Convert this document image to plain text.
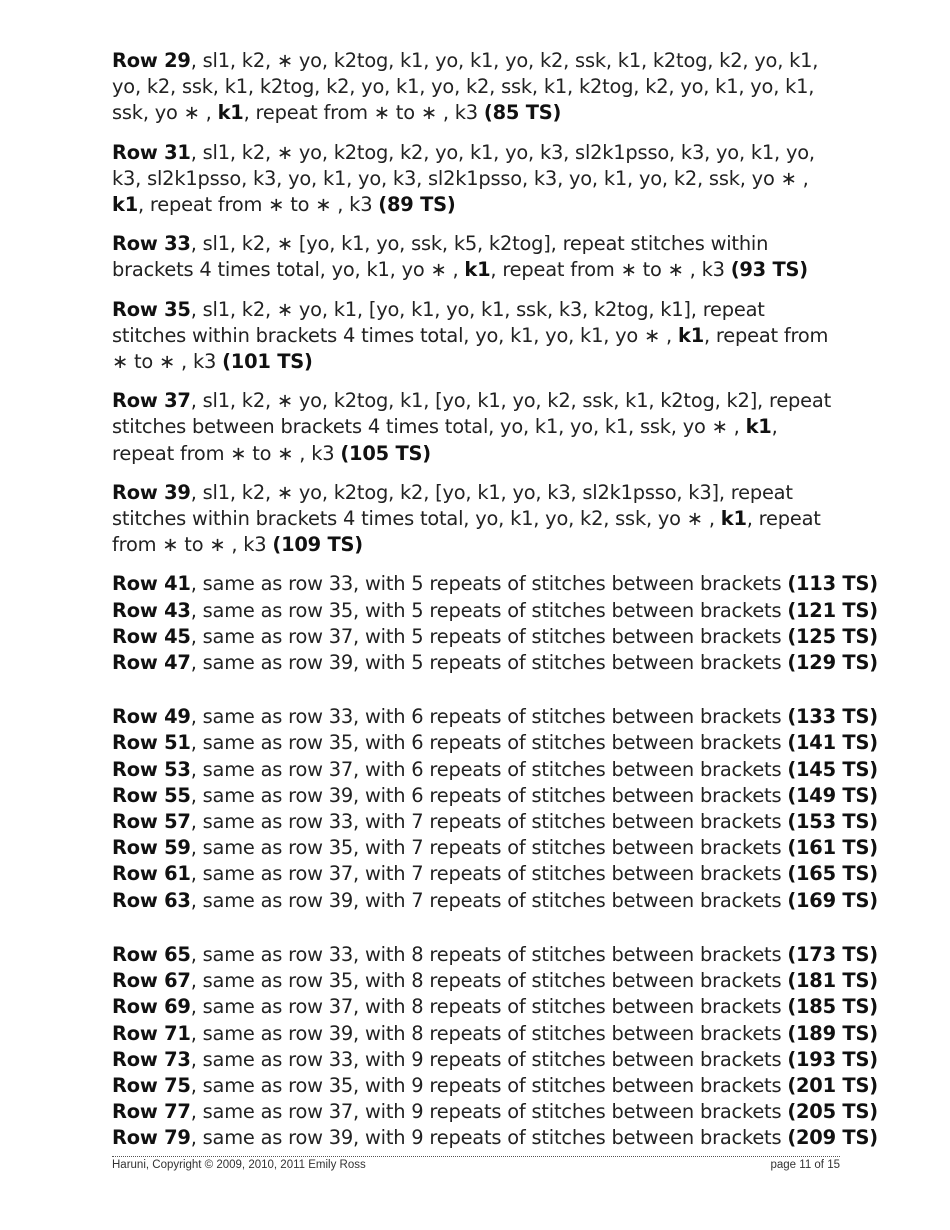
Row 29, sl1, k2, ∗ yo, k2tog, k1, yo, k1, yo, k2, ssk, k1, k2tog, k2, yo, k1, yo, k2, ssk, k1, k2tog, k2, yo, k1, yo, k2, ssk, k1, k2tog, k2, yo, k1, yo, k1, ssk, yo ∗ , k1, repeat from ∗ to ∗ , k3 (85 TS)

Row 31, sl1, k2, ∗ yo, k2tog, k2, yo, k1, yo, k3, sl2k1psso, k3, yo, k1, yo, k3, sl2k1psso, k3, yo, k1, yo, k3, sl2k1psso, k3, yo, k1, yo, k2, ssk, yo ∗ , k1, repeat from ∗ to ∗ , k3 (89 TS)

Row 33, sl1, k2, ∗ [yo, k1, yo, ssk, k5, k2tog], repeat stitches within brackets 4 times total, yo, k1, yo ∗ , k1, repeat from ∗ to ∗ , k3 (93 TS)

Row 35, sl1, k2, ∗ yo, k1, [yo, k1, yo, k1, ssk, k3, k2tog, k1], repeat stitches within brackets 4 times total, yo, k1, yo, k1, yo ∗ , k1, repeat from ∗ to ∗ , k3 (101 TS)

Row 37, sl1, k2, ∗ yo, k2tog, k1, [yo, k1, yo, k2, ssk, k1, k2tog, k2], repeat stitches between brackets 4 times total, yo, k1, yo, k1, ssk, yo ∗ , k1, repeat from ∗ to ∗ , k3 (105 TS)

Row 39, sl1, k2, ∗ yo, k2tog, k2, [yo, k1, yo, k3, sl2k1psso, k3], repeat stitches within brackets 4 times total, yo, k1, yo, k2, ssk, yo ∗ , k1, repeat from ∗ to ∗ , k3 (109 TS)

Row 41, same as row 33, with 5 repeats of stitches between brackets (113 TS)
Row 43, same as row 35, with 5 repeats of stitches between brackets (121 TS)
Row 45, same as row 37, with 5 repeats of stitches between brackets (125 TS)
Row 47, same as row 39, with 5 repeats of stitches between brackets (129 TS)
Row 49, same as row 33, with 6 repeats of stitches between brackets (133 TS)
Row 51, same as row 35, with 6 repeats of stitches between brackets (141 TS)
Row 53, same as row 37, with 6 repeats of stitches between brackets (145 TS)
Row 55, same as row 39, with 6 repeats of stitches between brackets (149 TS)
Row 57, same as row 33, with 7 repeats of stitches between brackets (153 TS)
Row 59, same as row 35, with 7 repeats of stitches between brackets (161 TS)
Row 61, same as row 37, with 7 repeats of stitches between brackets (165 TS)
Row 63, same as row 39, with 7 repeats of stitches between brackets (169 TS)
Row 65, same as row 33, with 8 repeats of stitches between brackets (173 TS)
Row 67, same as row 35, with 8 repeats of stitches between brackets (181 TS)
Row 69, same as row 37, with 8 repeats of stitches between brackets (185 TS)
Row 71, same as row 39, with 8 repeats of stitches between brackets (189 TS)
Row 73, same as row 33, with 9 repeats of stitches between brackets (193 TS)
Row 75, same as row 35, with 9 repeats of stitches between brackets (201 TS)
Row 77, same as row 37, with 9 repeats of stitches between brackets (205 TS)
Row 79, same as row 39, with 9 repeats of stitches between brackets (209 TS)
Haruni, Copyright © 2009, 2010, 2011 Emily Ross	page 11 of 15
